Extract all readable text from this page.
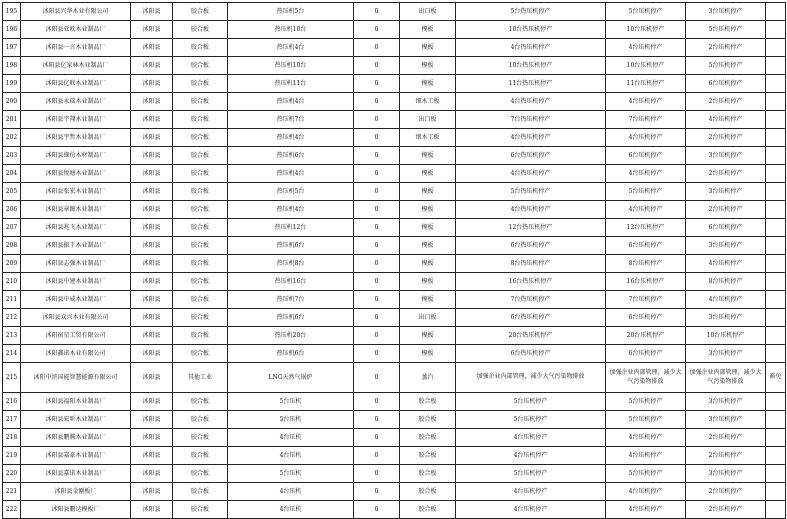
195	沭阳县兴华木业有限公司	沭阳县	胶合板	热压机5台	0	出口板	5台热压机停产	5台压机停产	3台压机停产	
196	沭阳县亚欧木业制品厂	沭阳县	胶合板	热压机10台	0	模板	10台热压机停产	10台压机停产	5台压机停产	
197	沭阳县一言木业制品厂	沭阳县	胶合板	热压机4台	0	模板	4台热压机停产	4台压机停产	2台压机停产	
198	沭阳县亿家林木业制品厂	沭阳县	胶合板	热压机10台	0	模板	10台热压机停产	10台压机停产	5台压机停产	
199	沭阳县亿联木业制品厂	沭阳县	胶合板	热压机11台	0	模板	11台热压机停产	11台压机停产	6台压机停产	
200	沭阳县永瑞木业制品厂	沭阳县	胶合板	热压机4台	0	细木工板	4台热压机停产	4台压机停产	2台压机停产	
201	沭阳县宇翔木业制品厂	沭阳县	胶合板	热压机7台	0	出口板	7台热压机停产	7台压机停产	4台压机停产	
202	沭阳县宇哲木业制品厂	沭阳县	胶合板	热压机4台	0	细木工板	4台热压机停产	4台压机停产	2台压机停产	
203	沭阳县缘份木材制品厂	沭阳县	胶合板	热压机6台	0	模板	6台热压机停产	6台压机停产	3台压机停产	
204	沭阳县悦塘木业制品厂	沭阳县	胶合板	热压机4台	0	模板	4台热压机停产	4台压机停产	2台压机停产	
205	沭阳县张宏木业制品厂	沭阳县	胶合板	热压机5台	0	模板	5台热压机停产	5台压机停产	3台压机停产	
206	沭阳县章源木业制品厂	沭阳县	胶合板	热压机4台	0	模板	4台热压机停产	4台压机停产	2台压机停产	
207	沭阳县兆飞木业制品厂	沭阳县	胶合板	热压机12台	0	模板	12台热压机停产	12台压机停产	6台压机停产	
208	沭阳县振干木业制品厂	沭阳县	胶合板	热压机6台	0	模板	6台热压机停产	6台压机停产	3台压机停产	
209	沭阳县志强木业制品厂	沭阳县	胶合板	热压机8台	0	模板	8台热压机停产	8台压机停产	4台压机停产	
210	沭阳县中建木业制品厂	沭阳县	胶合板	热压机16台	0	模板	16台热压机停产	16台压机停产	8台压机停产	
211	沭阳县中威木业制品厂	沭阳县	胶合板	热压机7台	0	模板	7台热压机停产	7台压机停产	4台压机停产	
212	沭阳县众兴木业有限公司	沭阳县	胶合板	热压机6台	0	出口板	6台热压机停产	6台压机停产	3台压机停产	
213	沭阳宿星工贸有限公司	沭阳县	胶合板	热压机20台	0	模板	20台热压机停产	20台压机停产	10台压机停产	
214	沭阳鑫诺木业有限公司	沭阳县	胶合板	热压机6台	0	模板	6台热压机停产	6台压机停产	3台压机停产	
215	沭阳中滨国能智慧能源有限公司	沭阳县	其他工业	LNG天然气锅炉	0	蒸汽	加强企业内部管理，减少大气污染物排放	加强企业内部管理，减少大气污染物排放	加强企业内部管理，减少大气污染物排放	豁免
216	沭阳县福阳木业制品厂	沭阳县	胶合板	5台压机	0	胶合板	5台压机停产	5台压机停产	3台压机停产	
217	沭阳县宏昕木业制品厂	沭阳县	胶合板	5台压机	0	胶合板	5台压机停产	5台压机停产	3台压机停产	
218	沭阳县鹏腾木业制品厂	沭阳县	胶合板	4台压机	0	胶合板	4台压机停产	4台压机停产	2台压机停产	
219	沭阳县嘉豪木业制品厂	沭阳县	胶合板	4台压机	0	胶合板	4台压机停产	4台压机停产	2台压机停产	
220	沭阳县嘉诺木业制品厂	沭阳县	胶合板	5台压机	0	胶合板	5台压机停产	5台压机停产	3台压机停产	
221	沭阳县金刚板厂	沭阳县	胶合板	4台压机	0	胶合板	4台压机停产	4台压机停产	2台压机停产	
222	沭阳县鹏达模板厂	沭阳县	胶合板	4台压机	0	胶合板	4台压机停产	4台压机停产	2台压机停产	
